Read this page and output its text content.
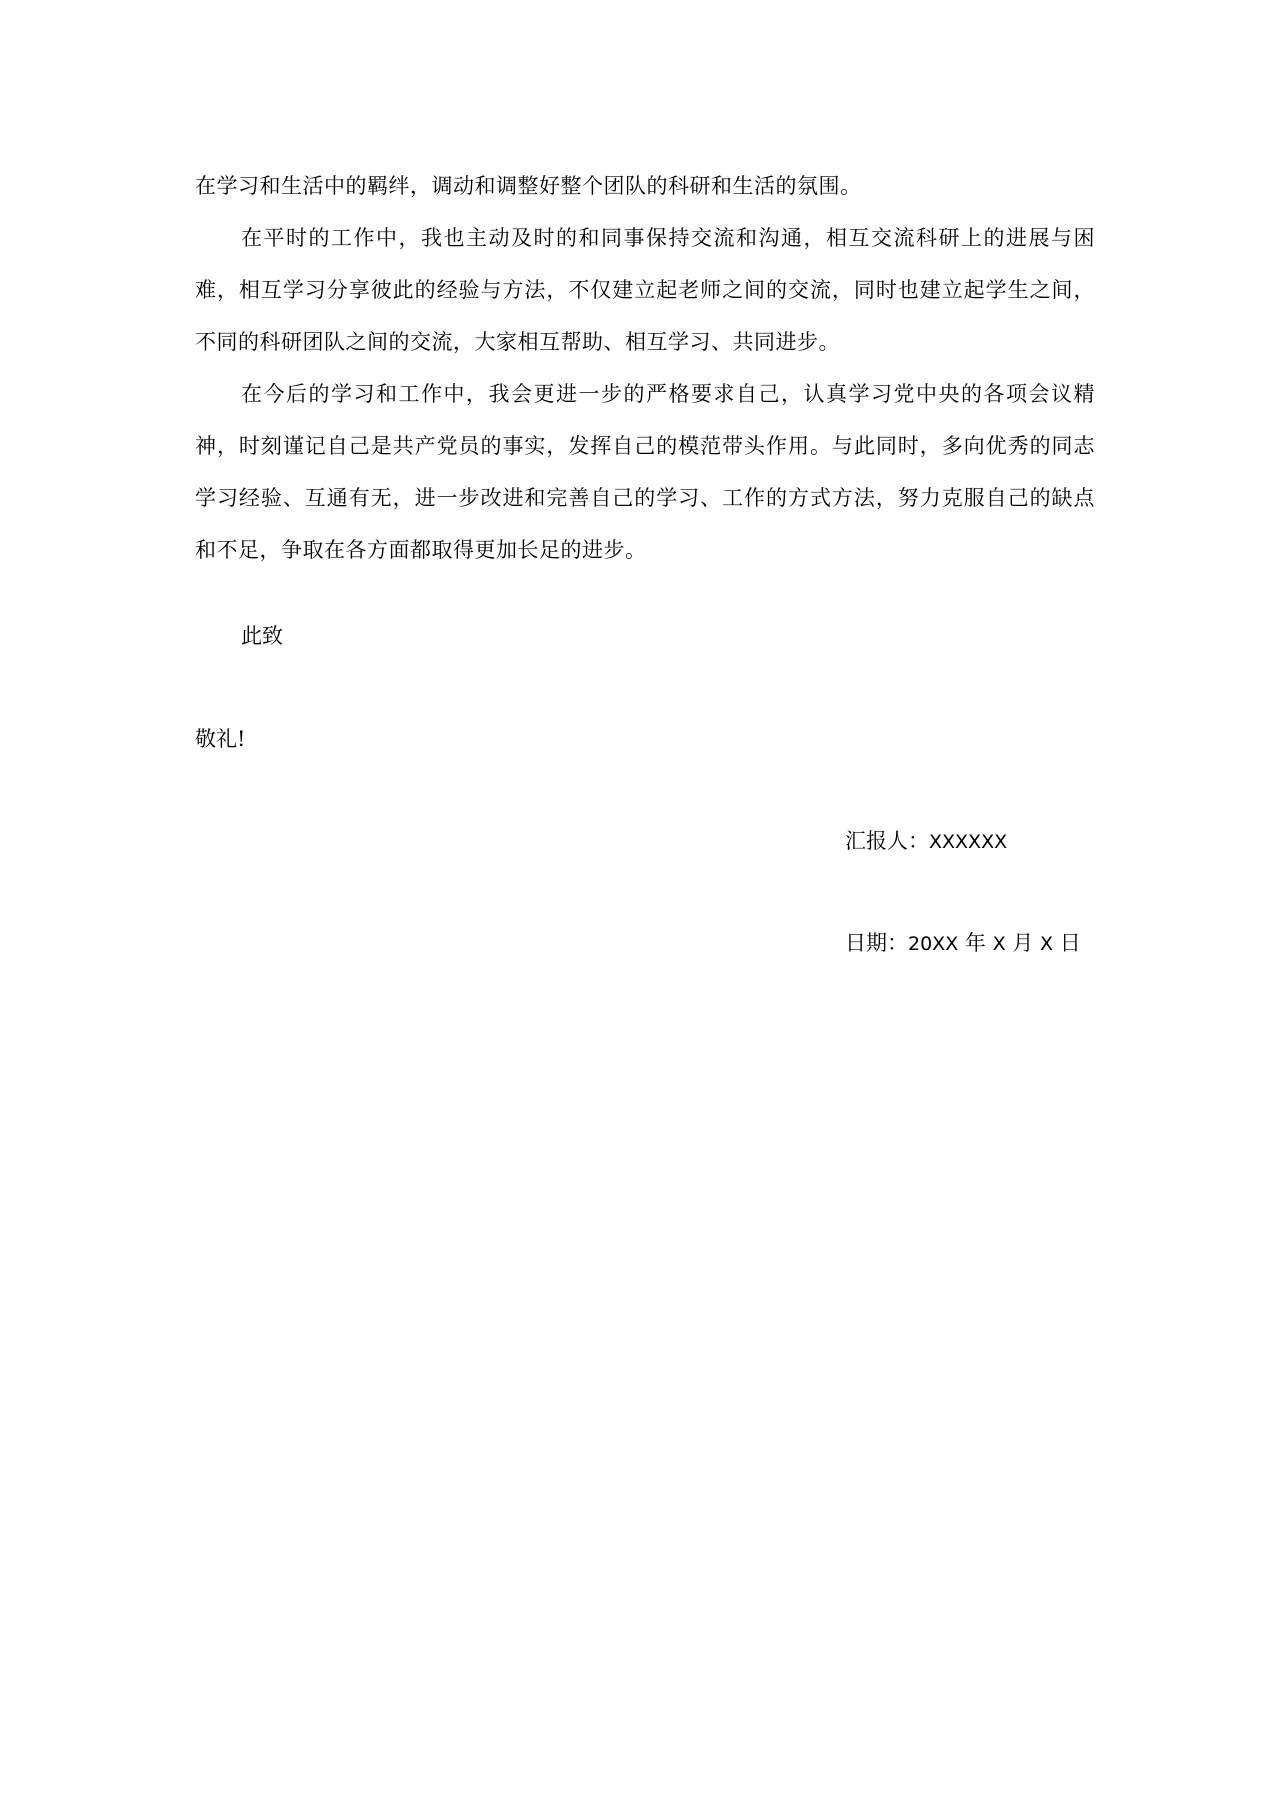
在学习和生活中的羁绊，调动和调整好整个团队的科研和生活的氛围。

在平时的工作中，我也主动及时的和同事保持交流和沟通，相互交流科研上的进展与困难，相互学习分享彼此的经验与方法，不仅建立起老师之间的交流，同时也建立起学生之间，不同的科研团队之间的交流，大家相互帮助、相互学习、共同进步。

在今后的学习和工作中，我会更进一步的严格要求自己，认真学习党中央的各项会议精神，时刻谨记自己是共产党员的事实，发挥自己的模范带头作用。与此同时，多向优秀的同志学习经验、互通有无，进一步改进和完善自己的学习、工作的方式方法，努力克服自己的缺点和不足，争取在各方面都取得更加长足的进步。

此致
敬礼!
汇报人：XXXXXX
日期：20XX 年 X 月 X 日
